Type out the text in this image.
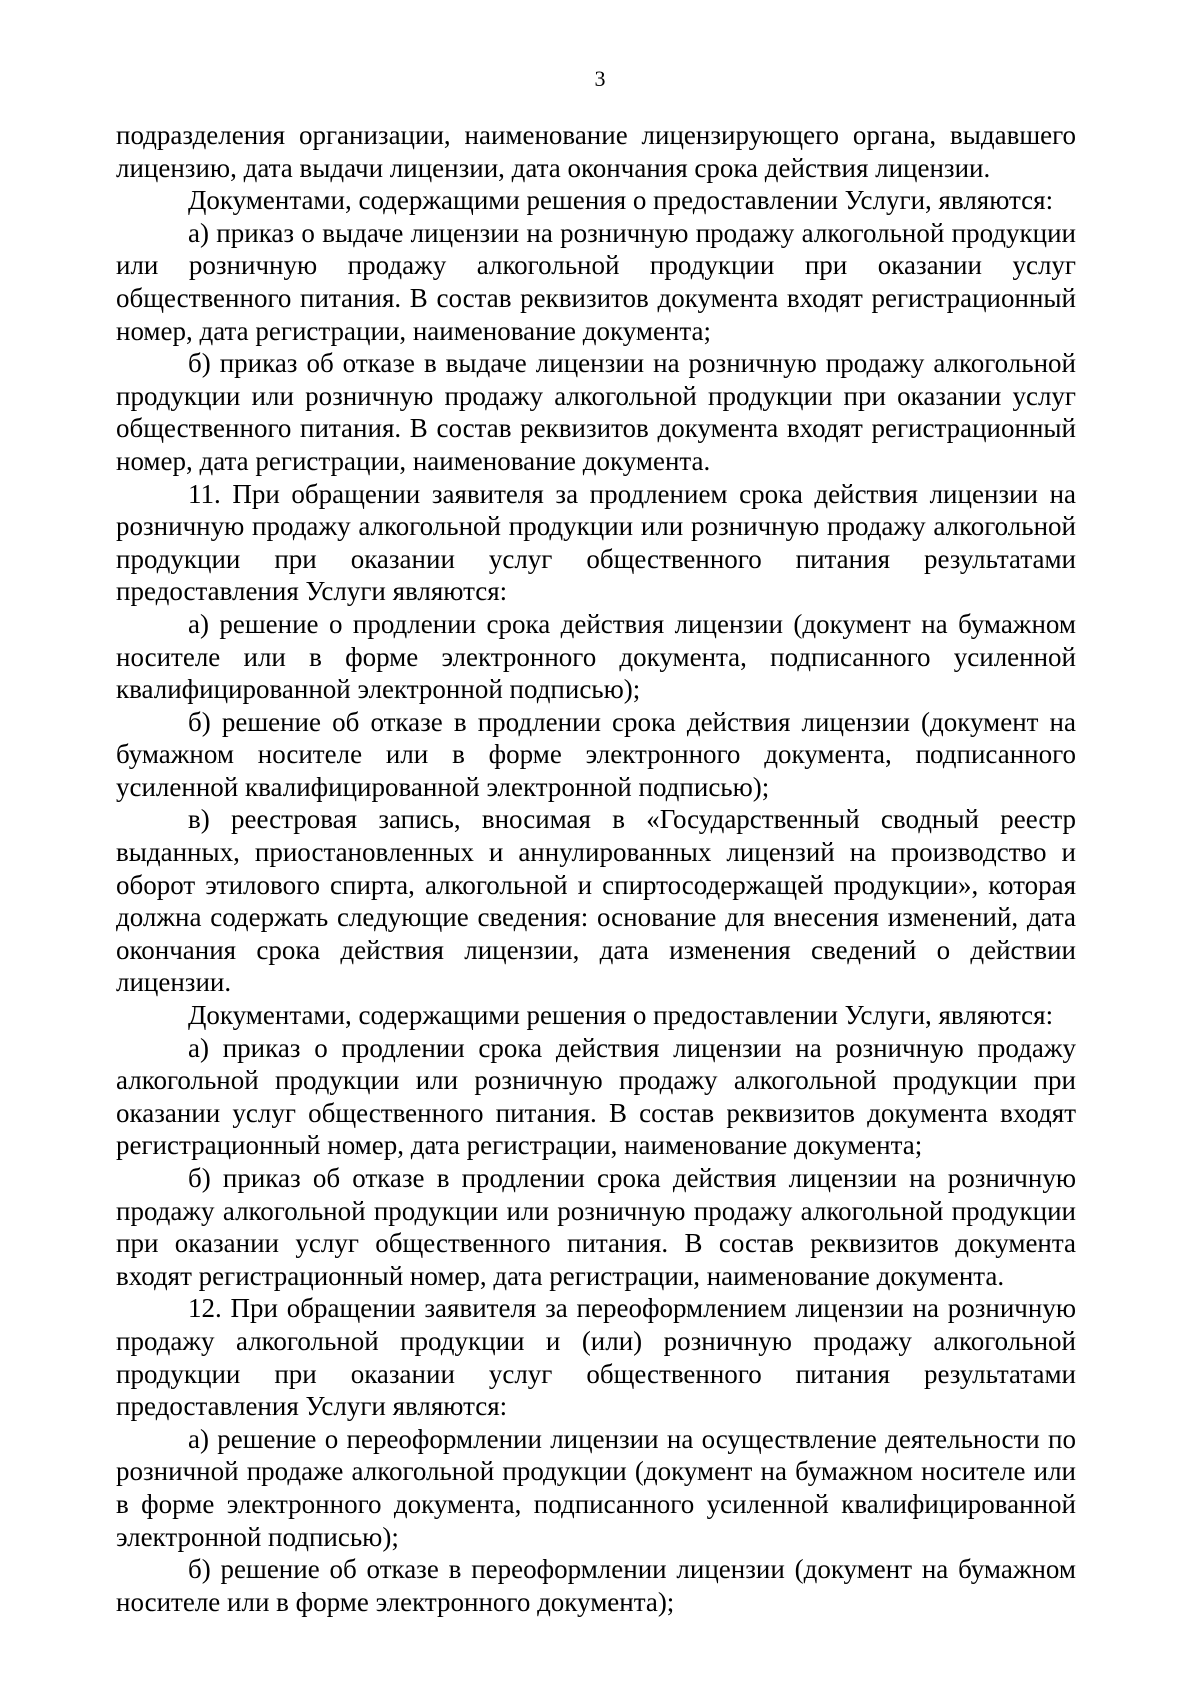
3

подразделения организации, наименование лицензирующего органа, выдавшего лицензию, дата выдачи лицензии, дата окончания срока действия лицензии.

Документами, содержащими решения о предоставлении Услуги, являются:

а) приказ о выдаче лицензии на розничную продажу алкогольной продукции или розничную продажу алкогольной продукции при оказании услуг общественного питания. В состав реквизитов документа входят регистрационный номер, дата регистрации, наименование документа;

б) приказ об отказе в выдаче лицензии на розничную продажу алкогольной продукции или розничную продажу алкогольной продукции при оказании услуг общественного питания. В состав реквизитов документа входят регистрационный номер, дата регистрации, наименование документа.

11. При обращении заявителя за продлением срока действия лицензии на розничную продажу алкогольной продукции или розничную продажу алкогольной продукции при оказании услуг общественного питания результатами предоставления Услуги являются:

а) решение о продлении срока действия лицензии (документ на бумажном носителе или в форме электронного документа, подписанного усиленной квалифицированной электронной подписью);

б) решение об отказе в продлении срока действия лицензии (документ на бумажном носителе или в форме электронного документа, подписанного усиленной квалифицированной электронной подписью);

в) реестровая запись, вносимая в «Государственный сводный реестр выданных, приостановленных и аннулированных лицензий на производство и оборот этилового спирта, алкогольной и спиртосодержащей продукции», которая должна содержать следующие сведения: основание для внесения изменений, дата окончания срока действия лицензии, дата изменения сведений о действии лицензии.

Документами, содержащими решения о предоставлении Услуги, являются:

а) приказ о продлении срока действия лицензии на розничную продажу алкогольной продукции или розничную продажу алкогольной продукции при оказании услуг общественного питания. В состав реквизитов документа входят регистрационный номер, дата регистрации, наименование документа;

б) приказ об отказе в продлении срока действия лицензии на розничную продажу алкогольной продукции или розничную продажу алкогольной продукции при оказании услуг общественного питания. В состав реквизитов документа входят регистрационный номер, дата регистрации, наименование документа.

12. При обращении заявителя за переоформлением лицензии на розничную продажу алкогольной продукции и (или) розничную продажу алкогольной продукции при оказании услуг общественного питания результатами предоставления Услуги являются:

а) решение о переоформлении лицензии на осуществление деятельности по розничной продаже алкогольной продукции (документ на бумажном носителе или в форме электронного документа, подписанного усиленной квалифицированной электронной подписью);

б) решение об отказе в переоформлении лицензии (документ на бумажном носителе или в форме электронного документа);
